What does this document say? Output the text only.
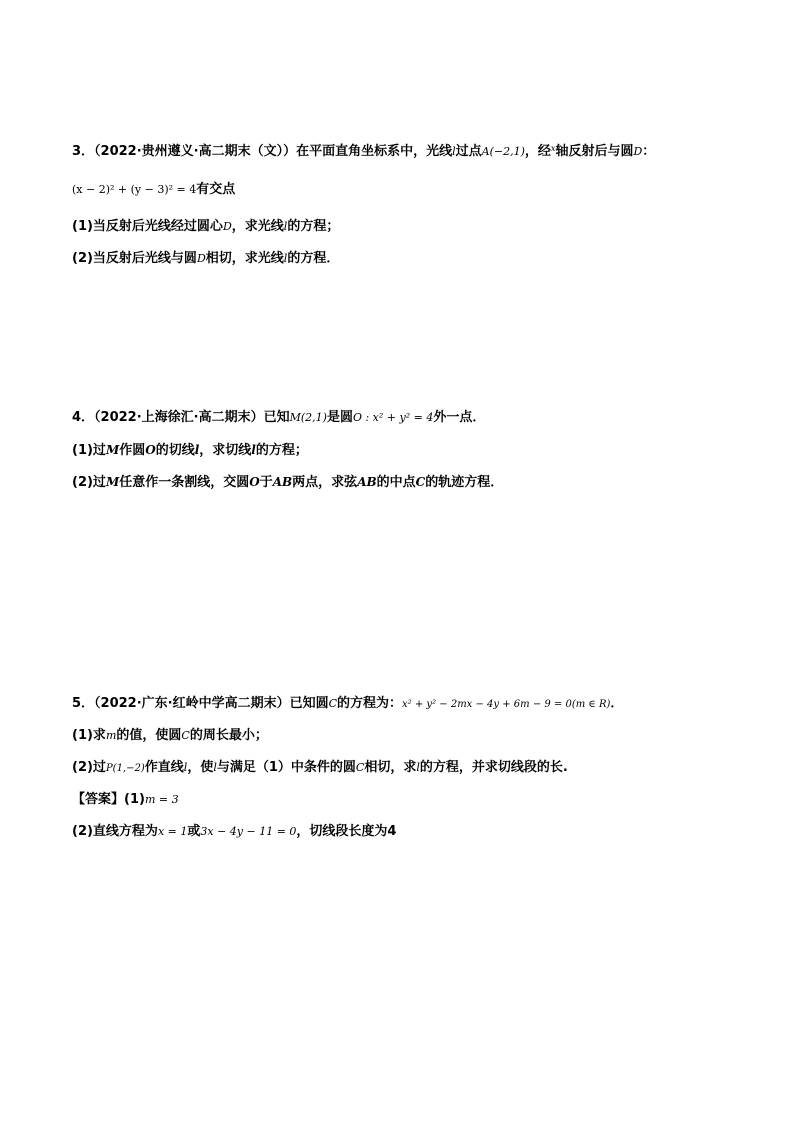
3．（2022·贵州遵义·高二期末（文））在平面直角坐标系中，光线l过点A(−2,1)，经$^x$轴反射后与圆D：
(x − 2)² + (y − 3)² = 4有交点
(1)当反射后光线经过圆心D，求光线l的方程；
(2)当反射后光线与圆D相切，求光线l的方程．
4．（2022·上海徐汇·高二期末）已知M(2,1)是圆O : x² + y² = 4外一点．
(1)过M作圆O的切线l，求切线l的方程；
(2)过M任意作一条割线，交圆O于AB两点，求弦AB的中点C的轨迹方程．
5．（2022·广东·红岭中学高二期末）已知圆C的方程为：x² + y² − 2mx − 4y + 6m − 9 = 0(m ∈ R)．
(1)求m的值，使圆C的周长最小；
(2)过P(1,−2)作直线l，使l与满足（1）中条件的圆C相切，求l的方程，并求切线段的长.
【答案】(1)m = 3
(2)直线方程为x = 1或3x − 4y − 11 = 0，切线段长度为4
